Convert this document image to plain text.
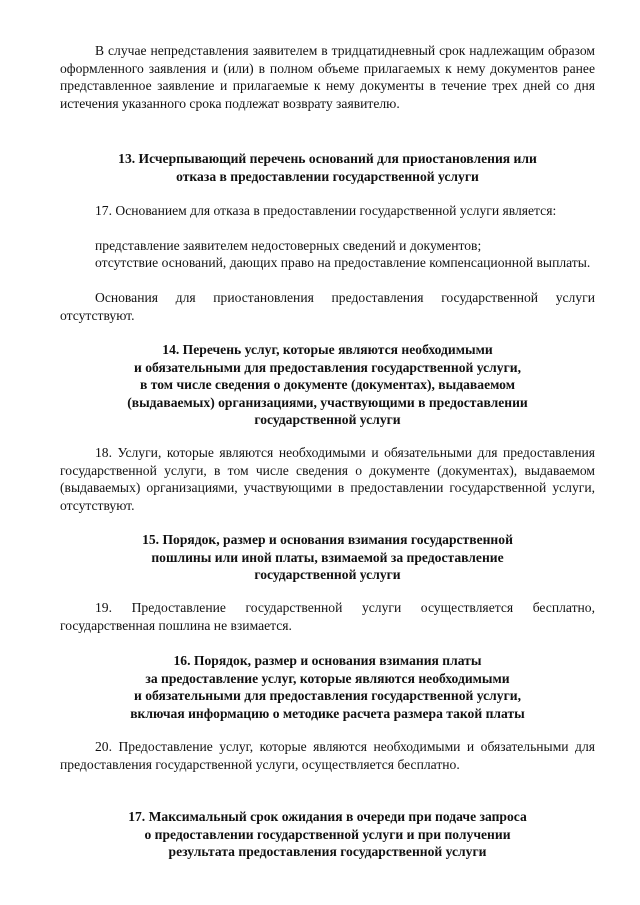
В случае непредставления заявителем в тридцатидневный срок надлежащим образом оформленного заявления и (или) в полном объеме прилагаемых к нему документов ранее представленное заявление и прилагаемые к нему документы в течение трех дней со дня истечения указанного срока подлежат возврату заявителю.

13. Исчерпывающий перечень оснований для приостановления или
отказа в предоставлении государственной услуги

17. Основанием для отказа в предоставлении государственной услуги является:

представление заявителем недостоверных сведений и документов;

отсутствие оснований, дающих право на предоставление компенсационной выплаты.

Основания для приостановления предоставления государственной услуги отсутствуют.

14. Перечень услуг, которые являются необходимыми
и обязательными для предоставления государственной услуги,
в том числе сведения о документе (документах), выдаваемом
(выдаваемых) организациями, участвующими в предоставлении
государственной услуги

18. Услуги, которые являются необходимыми и обязательными для предоставления государственной услуги, в том числе сведения о документе (документах), выдаваемом (выдаваемых) организациями, участвующими в предоставлении государственной услуги, отсутствуют.

15. Порядок, размер и основания взимания государственной
пошлины или иной платы, взимаемой за предоставление
государственной услуги

19. Предоставление государственной услуги осуществляется бесплатно, государственная пошлина не взимается.

16. Порядок, размер и основания взимания платы
за предоставление услуг, которые являются необходимыми
и обязательными для предоставления государственной услуги,
включая информацию о методике расчета размера такой платы

20. Предоставление услуг, которые являются необходимыми и обязательными для предоставления государственной услуги, осуществляется бесплатно.

17. Максимальный срок ожидания в очереди при подаче запроса
о предоставлении государственной услуги и при получении
результата предоставления государственной услуги
